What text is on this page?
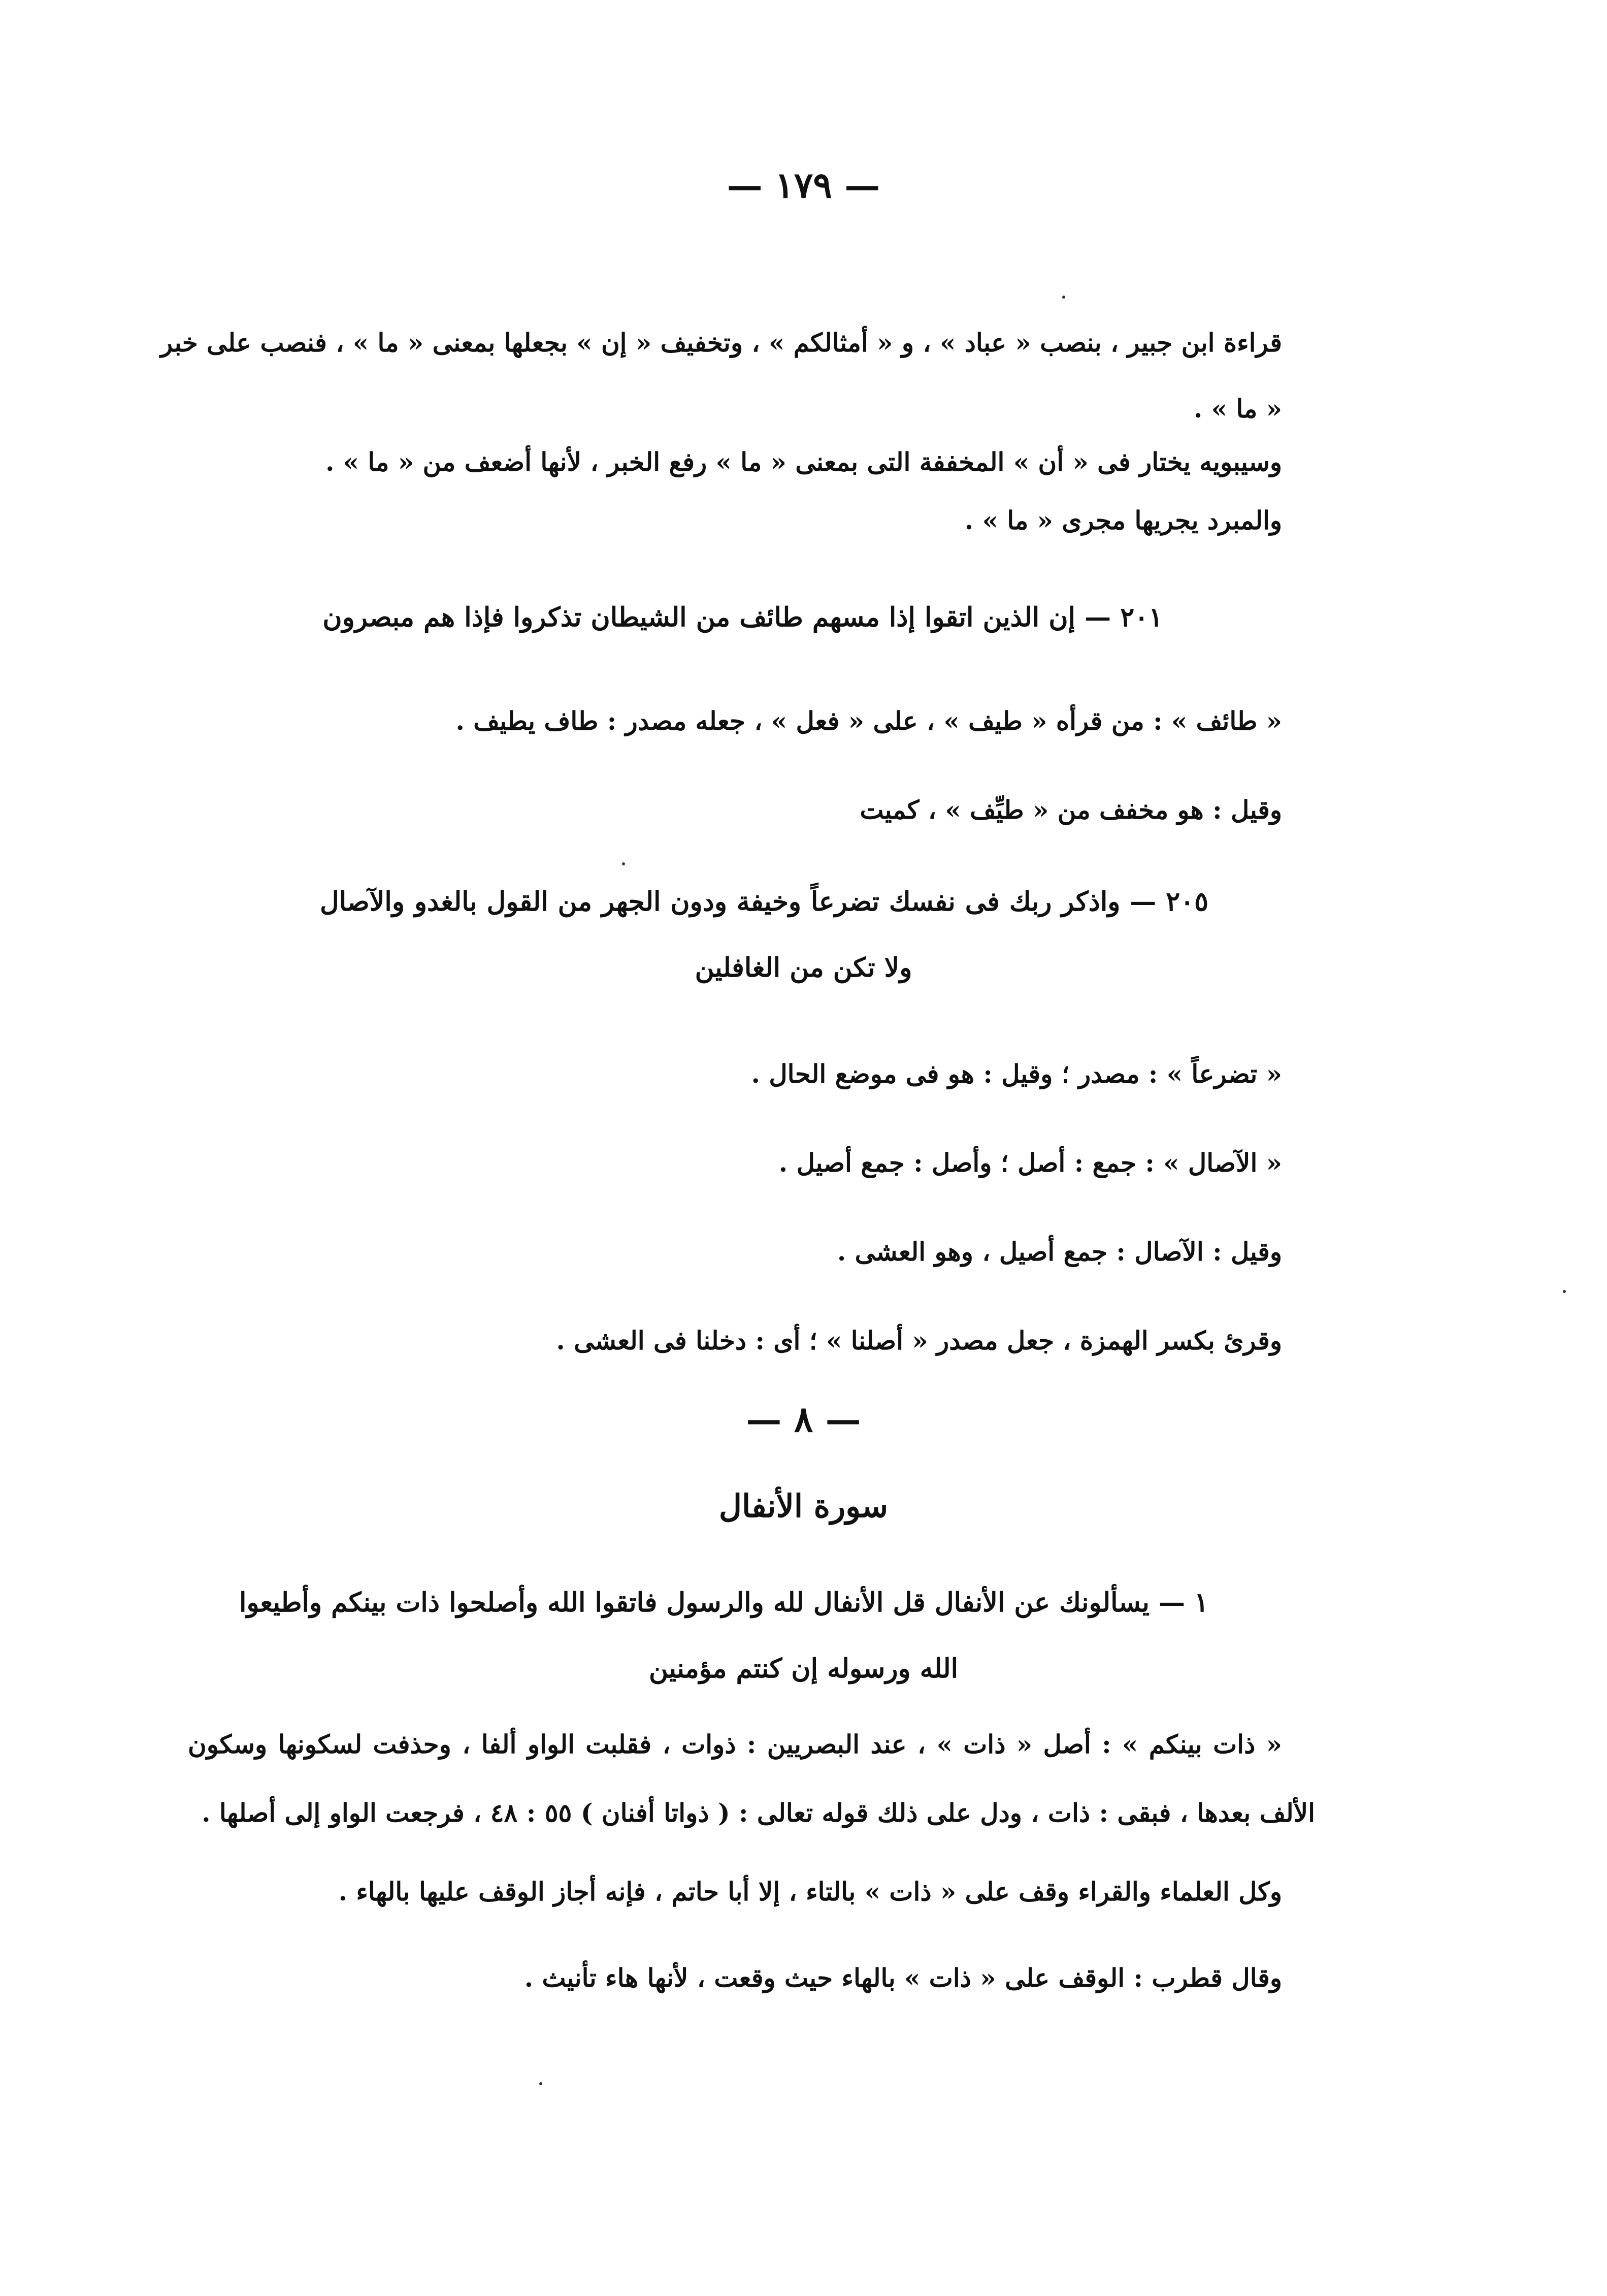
— ١٧٩ —
قراءة ابن جبير ، بنصب « عباد » ، و « أمثالكم » ، وتخفيف « إن » بجعلها بمعنى « ما » ، فنصب على خبر
« ما » .
وسيبويه يختار فى « أن » المخففة التى بمعنى « ما » رفع الخبر ، لأنها أضعف من « ما » .
والمبرد يجريها مجرى « ما » .
٢٠١ — إن الذين اتقوا إذا مسهم طائف من الشيطان تذكروا فإذا هم مبصرون
« طائف » : من قرأه « طيف » ، على « فعل » ، جعله مصدر : طاف يطيف .
وقيل : هو مخفف من « طيِّف » ، كميت
٢٠٥ — واذكر ربك فى نفسك تضرعاً وخيفة ودون الجهر من القول بالغدو والآصال
ولا تكن من الغافلين
« تضرعاً » : مصدر ؛ وقيل : هو فى موضع الحال .
« الآصال » : جمع : أصل ؛ وأصل : جمع أصيل .
وقيل : الآصال : جمع أصيل ، وهو العشى .
وقرئ بكسر الهمزة ، جعل مصدر « أصلنا » ؛ أى : دخلنا فى العشى .
— ٨ —
سورة الأنفال
١ — يسألونك عن الأنفال قل الأنفال لله والرسول فاتقوا الله وأصلحوا ذات بينكم وأطيعوا
الله ورسوله إن كنتم مؤمنين
« ذات بينكم » : أصل « ذات » ، عند البصريين : ذوات ، فقلبت الواو ألفا ، وحذفت لسكونها وسكون
الألف بعدها ، فبقى : ذات ، ودل على ذلك قوله تعالى : ( ذواتا أفنان ) ٥٥ : ٤٨ ، فرجعت الواو إلى أصلها .
وكل العلماء والقراء وقف على « ذات » بالتاء ، إلا أبا حاتم ، فإنه أجاز الوقف عليها بالهاء .
وقال قطرب : الوقف على « ذات » بالهاء حيث وقعت ، لأنها هاء تأنيث .
